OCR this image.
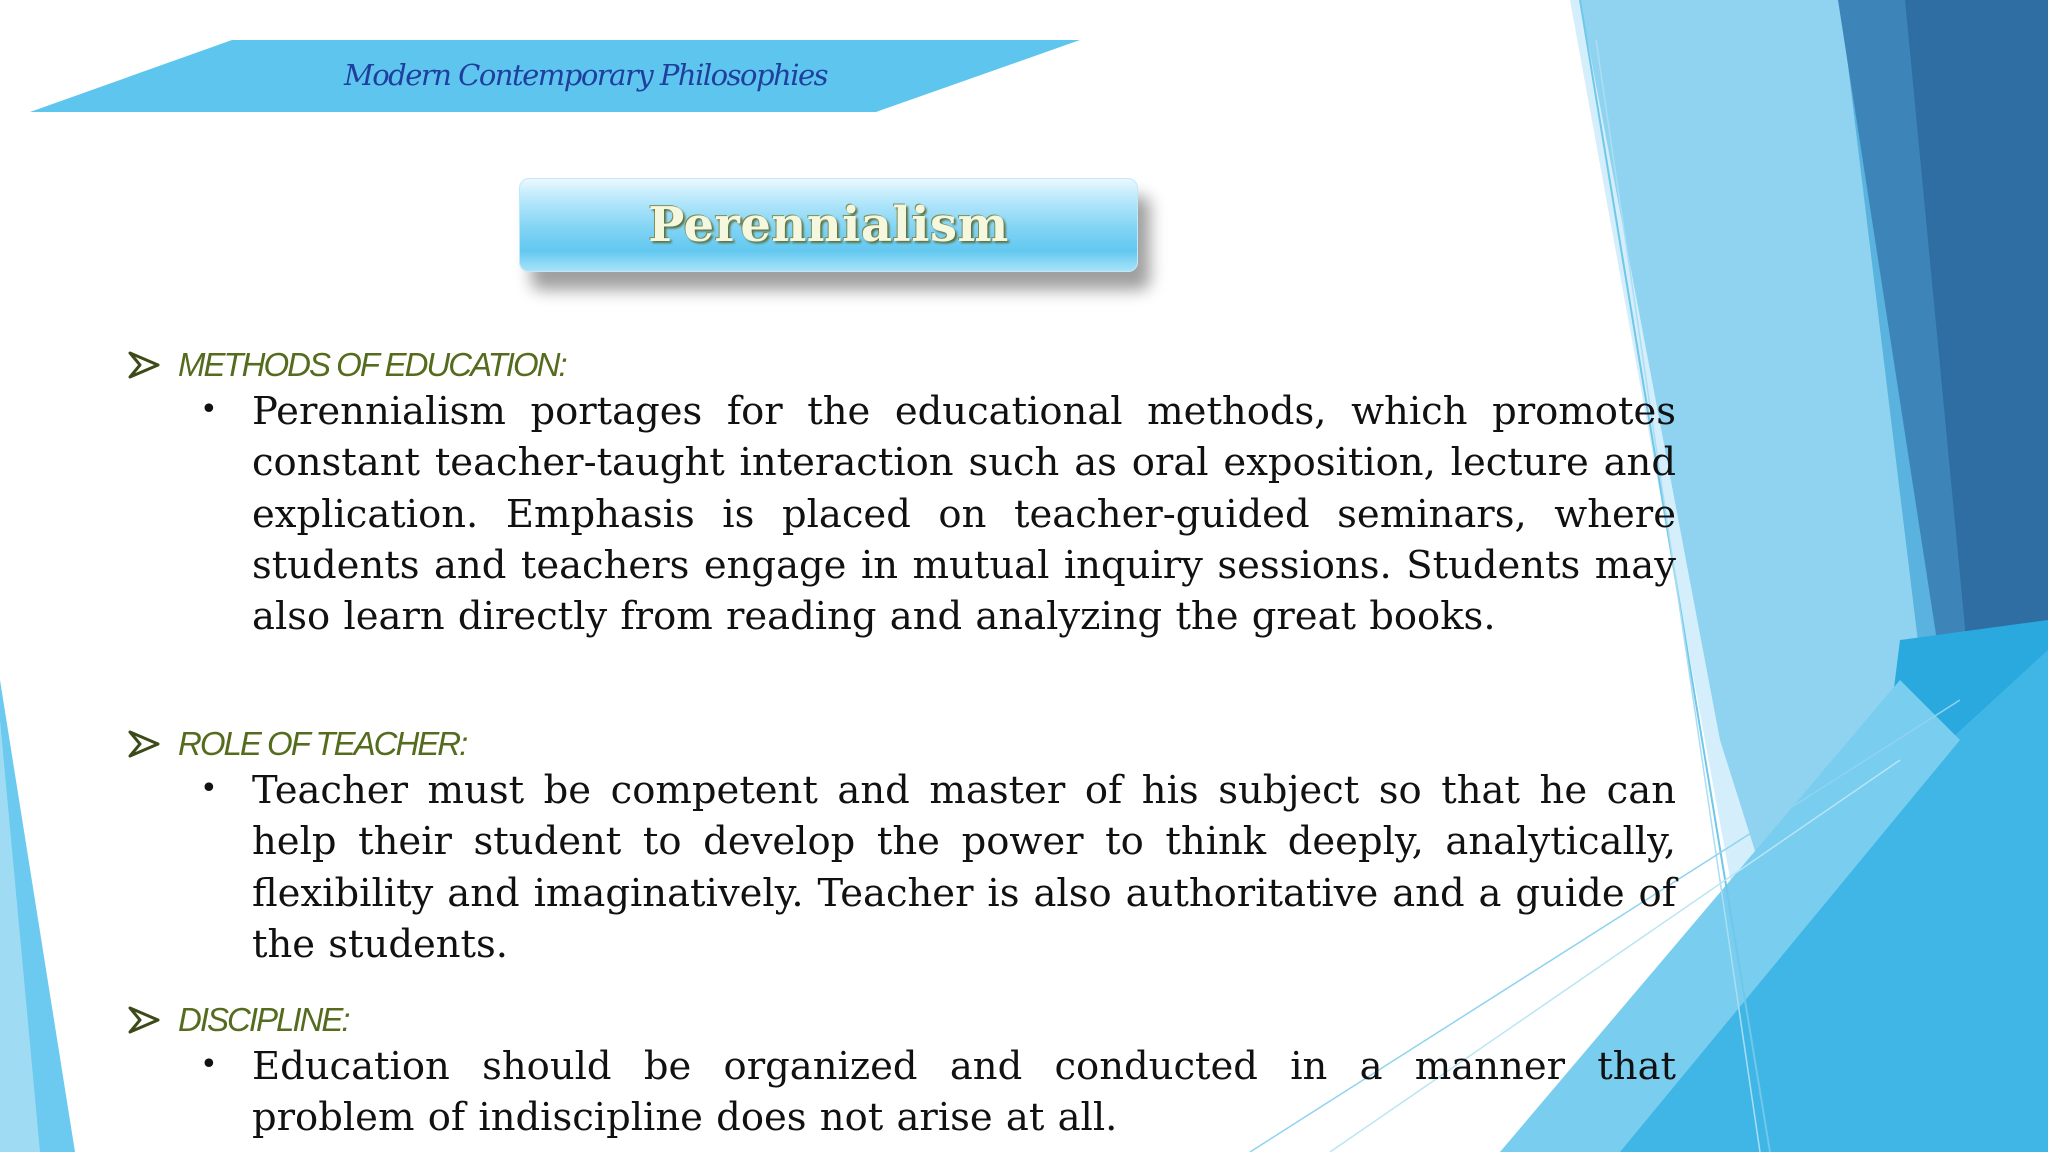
Modern Contemporary Philosophies
Perennialism
METHODS OF EDUCATION:
• Perennialism portages for the educational methods, which promotes constant teacher-taught interaction such as oral exposition, lecture and explication. Emphasis is placed on teacher-guided seminars, where students and teachers engage in mutual inquiry sessions. Students may also learn directly from reading and analyzing the great books.
ROLE OF TEACHER:
• Teacher must be competent and master of his subject so that he can help their student to develop the power to think deeply, analytically, flexibility and imaginatively. Teacher is also authoritative and a guide of the students.
DISCIPLINE:
• Education should be organized and conducted in a manner that problem of indiscipline does not arise at all.
